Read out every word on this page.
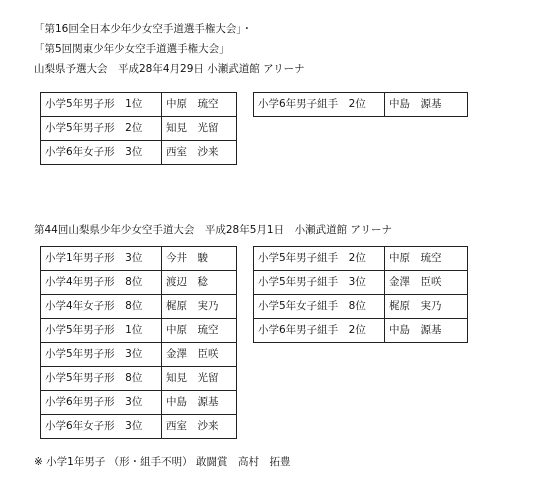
「第16回全日本少年少女空手道選手権大会」・
「第5回関東少年少女空手道選手権大会」
山梨県予選大会　平成28年4月29日 小瀬武道館 アリーナ
小学5年男子形　1位	中原　琉空
小学5年男子形　2位	知見　光留
小学6年女子形　3位	西室　沙来
小学6年男子組手　2位	中島　源基
第44回山梨県少年少女空手道大会　平成28年5月1日　小瀬武道館 アリーナ
小学1年男子形　3位	今井　駿
小学4年男子形　8位	渡辺　稔
小学4年女子形　8位	梶原　実乃
小学5年男子形　1位	中原　琉空
小学5年男子形　3位	金澤　臣咲
小学5年男子形　8位	知見　光留
小学6年男子形　3位	中島　源基
小学6年女子形　3位	西室　沙来
小学5年男子組手　2位	中原　琉空
小学5年男子組手　3位	金澤　臣咲
小学5年女子組手　8位	梶原　実乃
小学6年男子組手　2位	中島　源基
※ 小学1年男子 （形・組手不明） 敢闘賞　高村　拓豊
